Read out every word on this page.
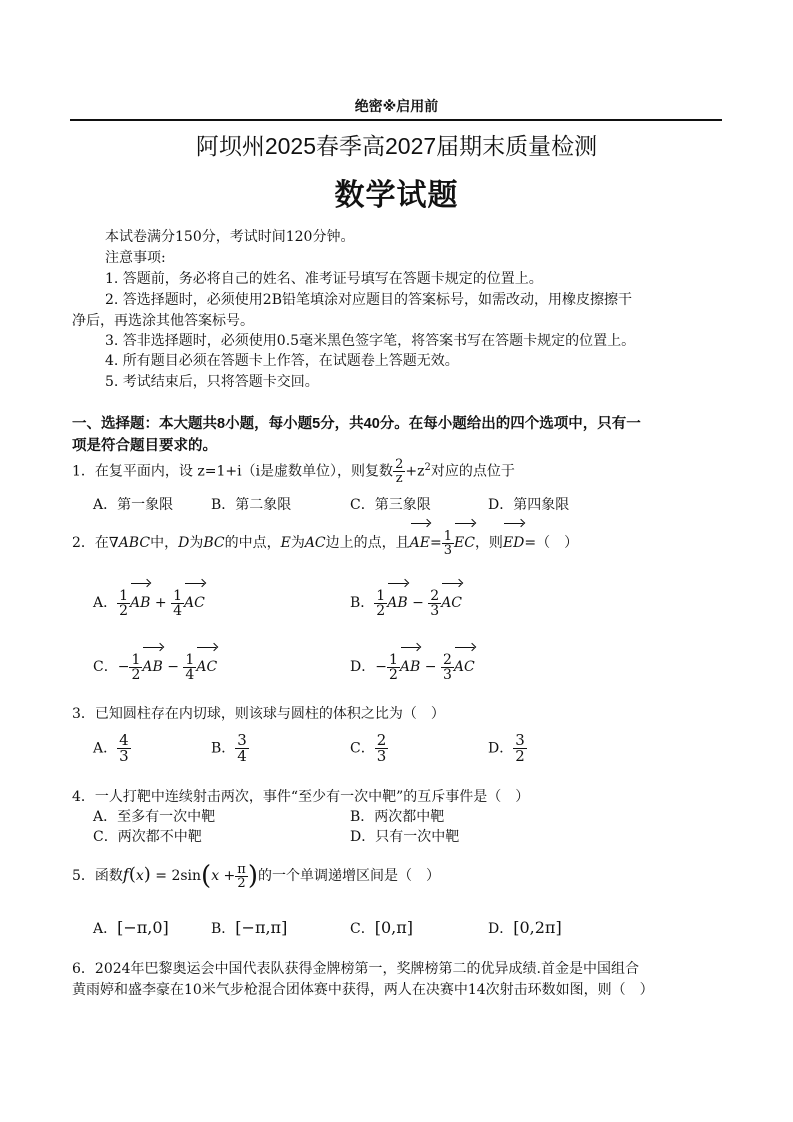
绝密※启用前
阿坝州2025春季高2027届期末质量检测
数学试题
本试卷满分150分，考试时间120分钟。
注意事项:
1. 答题前，务必将自己的姓名、准考证号填写在答题卡规定的位置上。
2. 答选择题时，必须使用2B铅笔填涂对应题目的答案标号，如需改动，用橡皮擦擦干
净后，再选涂其他答案标号。
3. 答非选择题时，必须使用0.5毫米黑色签字笔，将答案书写在答题卡规定的位置上。
4. 所有题目必须在答题卡上作答，在试题卷上答题无效。
5. 考试结束后，只将答题卡交回。
一、选择题：本大题共8小题，每小题5分，共40分。在每小题给出的四个选项中，只有一
项是符合题目要求的。
1．在复平面内，设 z=1+i（i是虚数单位），则复数 $\frac{2}{z} +z^2$对应的点位于
A．第一象限	B．第二象限	C．第三象限	D．第四象限
2．在∇ABC中，D为BC的中点，E为AC边上的点，且$AE= \frac{1}{3}$ EC，则ED=（　）
A． $\frac{1}{2}$ AB + $\frac{1}{4}$ AC	B． $\frac{1}{2}$ AB − $\frac{2}{3}$ AC
C．− $\frac{1}{2}$ AB − $\frac{1}{4}$ AC	D．− $\frac{1}{2}$ AB − $\frac{2}{3}$ AC
3．已知圆柱存在内切球，则该球与圆柱的体积之比为（　）
A． $\frac{4}{3}$	B． $\frac{3}{4}$	C． $\frac{2}{3}$	D． $\frac{3}{2}$
4．一人打靶中连续射击两次，事件“至少有一次中靶”的互斥事件是（　）
A．至多有一次中靶	B．两次都中靶
C．两次都不中靶	D．只有一次中靶
5．函数$f(x) = 2\sin(x + \frac{\pi}{2}$ )的一个单调递增区间是（　）
A．[−π,0]	B．[−π,π]	C．[0,π]	D．[0,2π]
6．2024年巴黎奥运会中国代表队获得金牌榜第一，奖牌榜第二的优异成绩.首金是中国组合
黄雨婷和盛李豪在10米气步枪混合团体赛中获得，两人在决赛中14次射击环数如图，则（　）
